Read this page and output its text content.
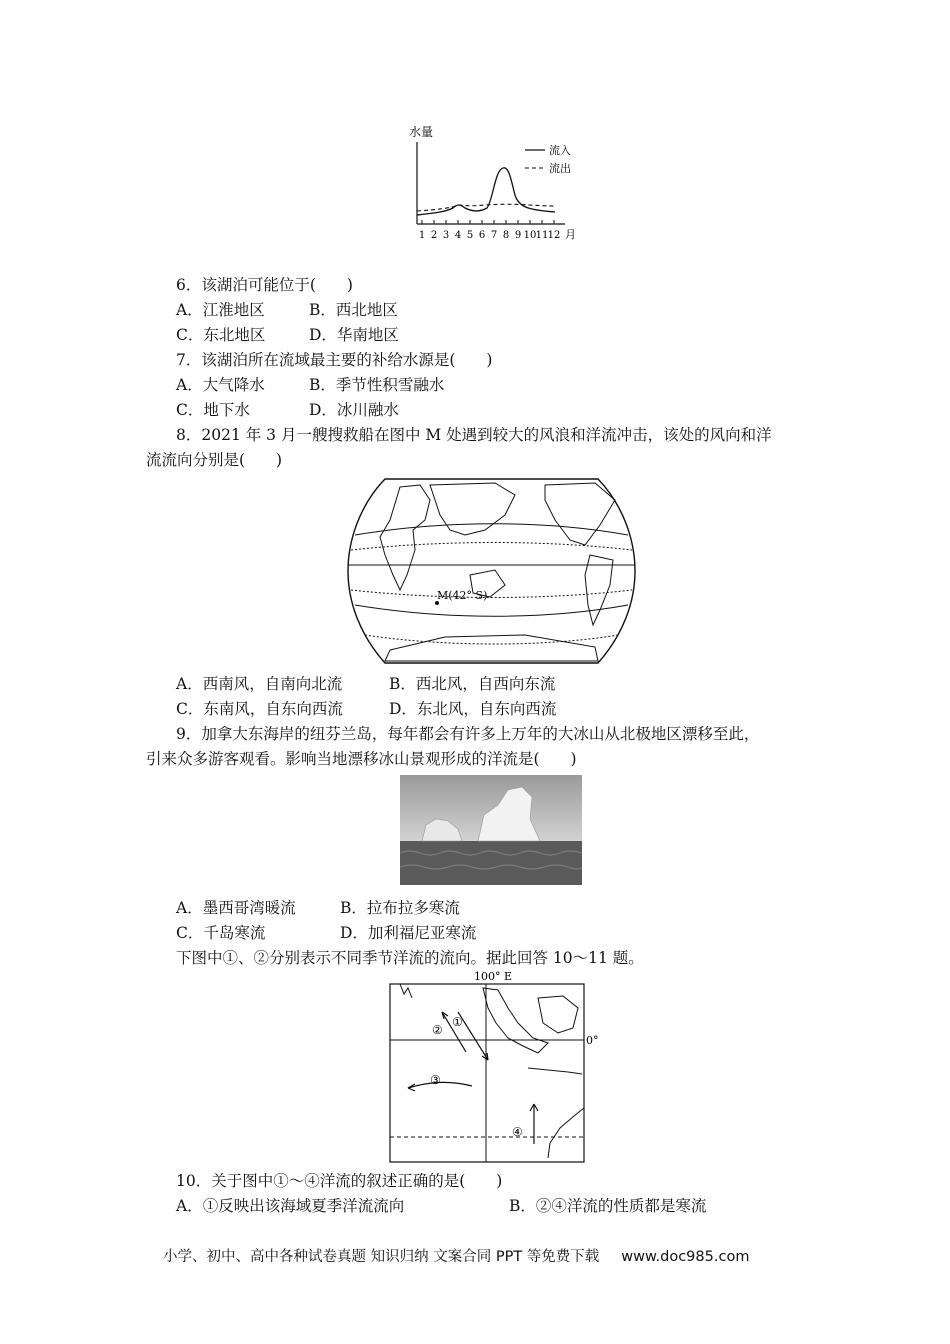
水量
1 2 3 4 5 6 7 8 9 10 11 12
流入
流出
月
6．该湖泊可能位于(　　)
A．江淮地区	B．西北地区
C．东北地区	D．华南地区
7．该湖泊所在流域最主要的补给水源是(　　)
A．大气降水	B．季节性积雪融水
C．地下水	D．冰川融水
8．2021 年 3 月一艘搜救船在图中 M 处遇到较大的风浪和洋流冲击，该处的风向和洋
流流向分别是(　　)
M(42° S)
A．西南风，自南向北流	B．西北风，自西向东流
C．东南风，自东向西流	D．东北风，自东向西流
9．加拿大东海岸的纽芬兰岛，每年都会有许多上万年的大冰山从北极地区漂移至此，
引来众多游客观看。影响当地漂移冰山景观形成的洋流是(　　)
A．墨西哥湾暖流	B．拉布拉多寒流
C．千岛寒流	D．加利福尼亚寒流
下图中①、②分别表示不同季节洋流的流向。据此回答 10～11 题。
100° E
0°
①
②
③
④
10．关于图中①～④洋流的叙述正确的是(　　)
A．①反映出该海域夏季洋流流向	B．②④洋流的性质都是寒流
小学、初中、高中各种试卷真题 知识归纳 文案合同 PPT 等免费下载 www.doc985.com
